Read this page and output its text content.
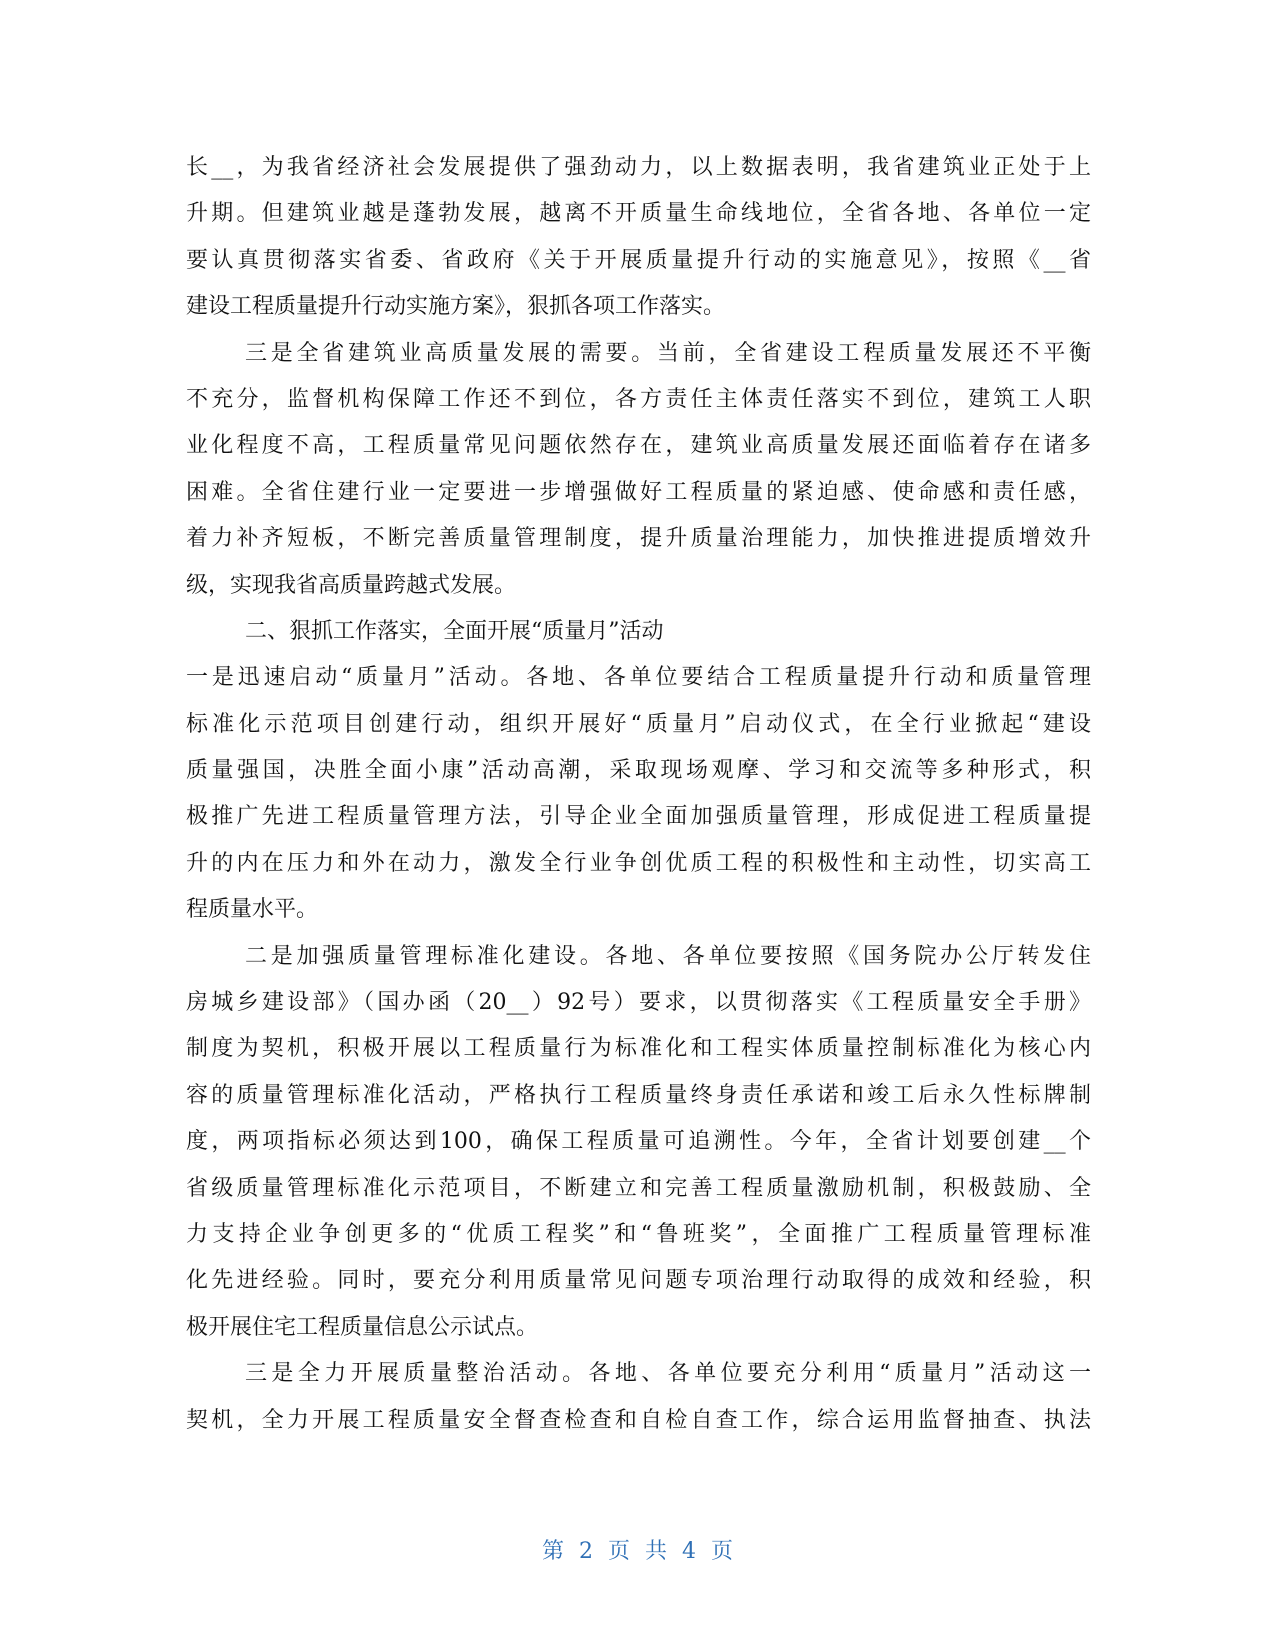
长__，为我省经济社会发展提供了强劲动力，以上数据表明，我省建筑业正处于上
升期。但建筑业越是蓬勃发展，越离不开质量生命线地位，全省各地、各单位一定
要认真贯彻落实省委、省政府《关于开展质量提升行动的实施意见》，按照《__省
建设工程质量提升行动实施方案》，狠抓各项工作落实。
三是全省建筑业高质量发展的需要。当前，全省建设工程质量发展还不平衡
不充分，监督机构保障工作还不到位，各方责任主体责任落实不到位，建筑工人职
业化程度不高，工程质量常见问题依然存在，建筑业高质量发展还面临着存在诸多
困难。全省住建行业一定要进一步增强做好工程质量的紧迫感、使命感和责任感，
着力补齐短板，不断完善质量管理制度，提升质量治理能力，加快推进提质增效升
级，实现我省高质量跨越式发展。
二、狠抓工作落实，全面开展“质量月”活动
一是迅速启动“质量月”活动。各地、各单位要结合工程质量提升行动和质量管理
标准化示范项目创建行动，组织开展好“质量月”启动仪式，在全行业掀起“建设
质量强国，决胜全面小康”活动高潮，采取现场观摩、学习和交流等多种形式，积
极推广先进工程质量管理方法，引导企业全面加强质量管理，形成促进工程质量提
升的内在压力和外在动力，激发全行业争创优质工程的积极性和主动性，切实高工
程质量水平。
二是加强质量管理标准化建设。各地、各单位要按照《国务院办公厅转发住
房城乡建设部》（国办函（20__）92号）要求，以贯彻落实《工程质量安全手册》
制度为契机，积极开展以工程质量行为标准化和工程实体质量控制标准化为核心内
容的质量管理标准化活动，严格执行工程质量终身责任承诺和竣工后永久性标牌制
度，两项指标必须达到100，确保工程质量可追溯性。今年，全省计划要创建__个
省级质量管理标准化示范项目，不断建立和完善工程质量激励机制，积极鼓励、全
力支持企业争创更多的“优质工程奖”和“鲁班奖”，全面推广工程质量管理标准
化先进经验。同时，要充分利用质量常见问题专项治理行动取得的成效和经验，积
极开展住宅工程质量信息公示试点。
三是全力开展质量整治活动。各地、各单位要充分利用“质量月”活动这一
契机，全力开展工程质量安全督查检查和自检自查工作，综合运用监督抽查、执法
第 2 页 共 4 页
